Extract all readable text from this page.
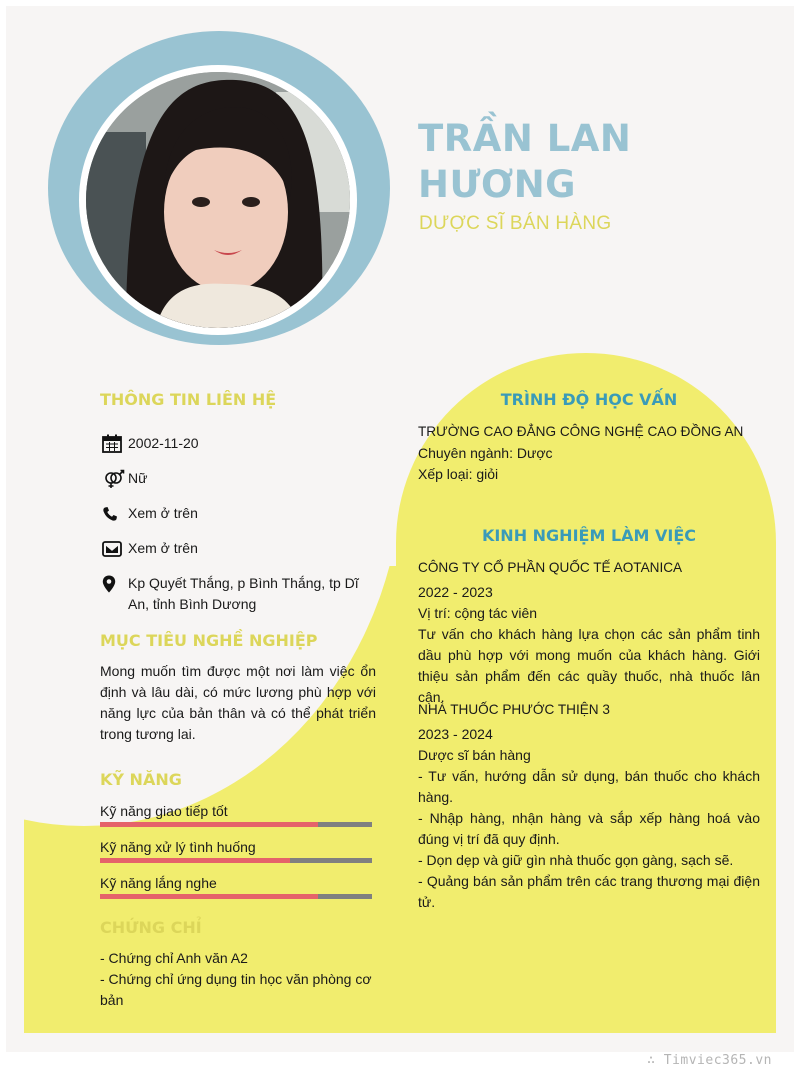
TRẦN LAN HƯƠNG
DƯỢC SĨ BÁN HÀNG
THÔNG TIN LIÊN HỆ
2002-11-20
Nữ
Xem ở trên
Xem ở trên
Kp Quyết Thắng, p Bình Thắng, tp Dĩ An, tỉnh Bình Dương
MỤC TIÊU NGHỀ NGHIỆP
Mong muốn tìm được một nơi làm việc ổn định và lâu dài, có mức lương phù hợp với năng lực của bản thân và có thể phát triển trong tương lai.
KỸ NĂNG
Kỹ năng giao tiếp tốt
Kỹ năng xử lý tình huống
Kỹ năng lắng nghe
CHỨNG CHỈ
- Chứng chỉ Anh văn A2
- Chứng chỉ ứng dụng tin học văn phòng cơ bản
TRÌNH ĐỘ HỌC VẤN
TRƯỜNG CAO ĐẲNG CÔNG NGHỆ CAO ĐỒNG AN
Chuyên ngành: Dược
Xếp loại: giỏi
KINH NGHIỆM LÀM VIỆC
CÔNG TY CỔ PHẦN QUỐC TẾ AOTANICA
2022 - 2023
Vị trí: cộng tác viên
Tư vấn cho khách hàng lựa chọn các sản phẩm tinh dầu phù hợp với mong muốn của khách hàng. Giới thiệu sản phẩm đến các quầy thuốc, nhà thuốc lân cận.
NHÀ THUỐC PHƯỚC THIỆN 3
2023 - 2024
Dược sĩ bán hàng
- Tư vấn, hướng dẫn sử dụng, bán thuốc cho khách hàng.
- Nhập hàng, nhận hàng và sắp xếp hàng hoá vào đúng vị trí đã quy định.
- Dọn dẹp và giữ gìn nhà thuốc gọn gàng, sạch sẽ.
- Quảng bán sản phẩm trên các trang thương mại điện tử.
∴ Timviec365.vn
